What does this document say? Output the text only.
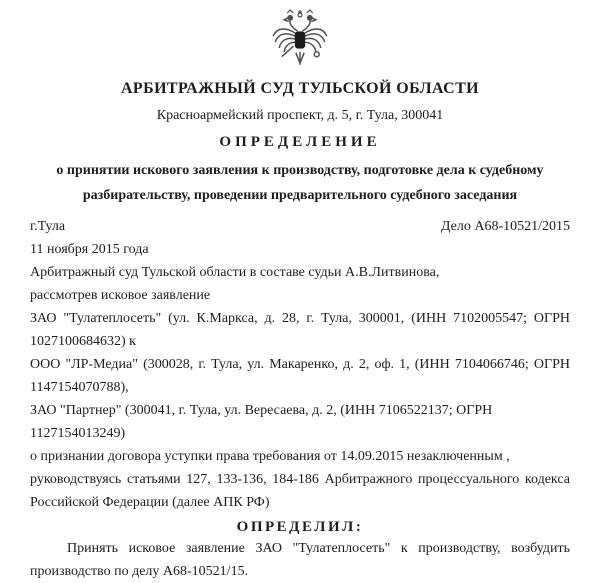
АРБИТРАЖНЫЙ СУД ТУЛЬСКОЙ ОБЛАСТИ
Красноармейский проспект, д. 5, г. Тула, 300041
ОПРЕДЕЛЕНИЕ
о принятии искового заявления к производству, подготовке дела к судебному
разбирательству, проведении предварительного судебного заседания
г.Тула	Дело А68-10521/2015
11 ноября 2015 года
Арбитражный суд Тульской области в составе судьи А.В.Литвинова,
рассмотрев исковое заявление
ЗАО "Тулатеплосеть" (ул. К.Маркса, д. 28, г. Тула, 300001, (ИНН 7102005547; ОГРН
1027100684632) к
ООО "ЛР-Медиа" (300028, г. Тула, ул. Макаренко, д. 2, оф. 1, (ИНН 7104066746; ОГРН
1147154070788),
ЗАО "Партнер" (300041, г. Тула, ул. Вересаева, д. 2, (ИНН 7106522137; ОГРН 1127154013249)
о признании договора уступки права требования от 14.09.2015 незаключенным ,
руководствуясь статьями 127, 133-136, 184-186 Арбитражного процессуального кодекса
Российской Федерации (далее АПК РФ)
ОПРЕДЕЛИЛ:
Принять исковое заявление ЗАО "Тулатеплосеть" к производству, возбудить
производство по делу А68-10521/15.
